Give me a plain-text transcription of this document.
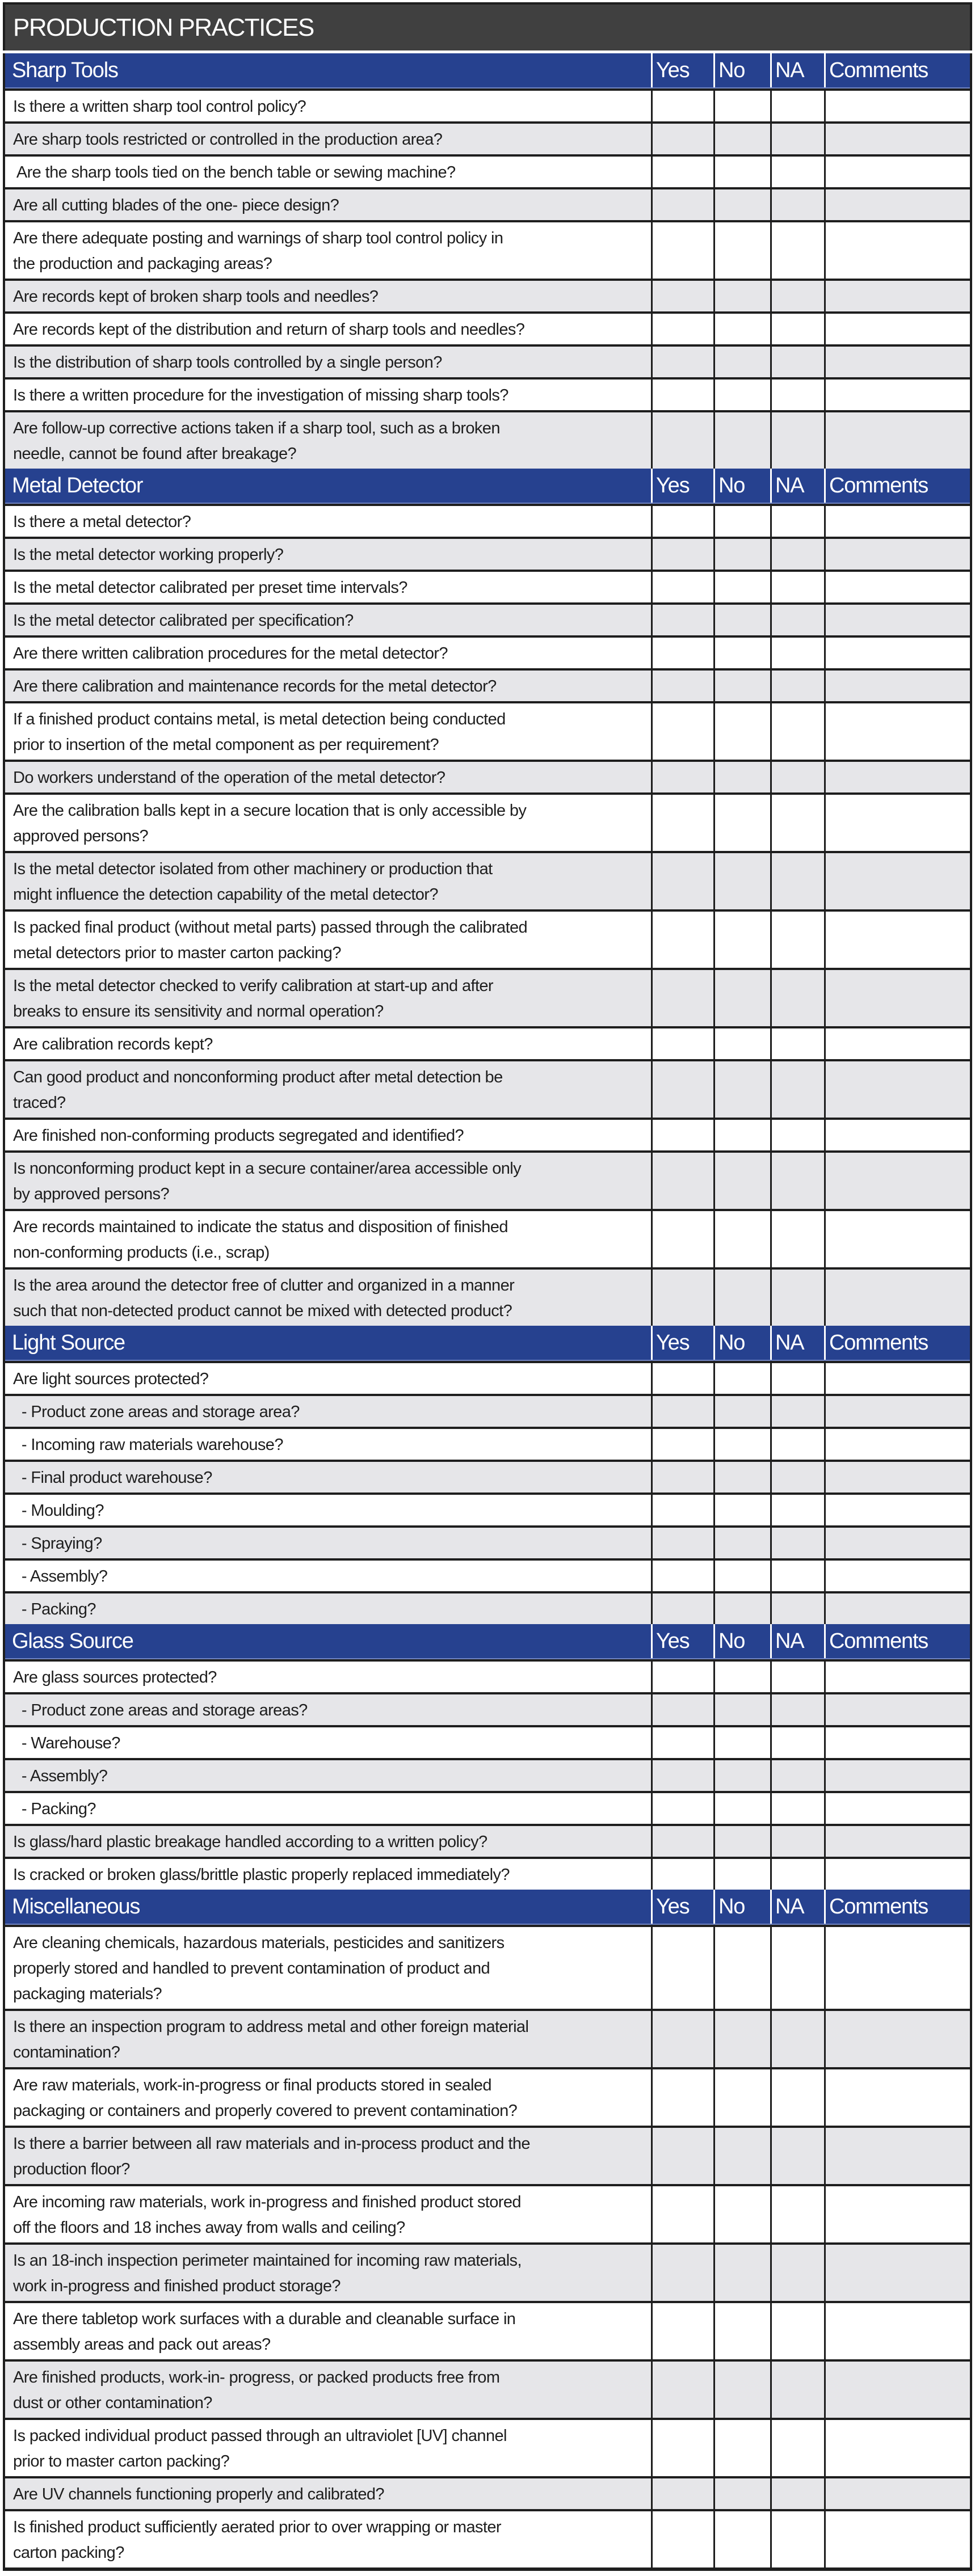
PRODUCTION PRACTICES
Sharp Tools	Yes	No	NA	Comments
Is there a written sharp tool control policy?
Are sharp tools restricted or controlled in the production area?
Are the sharp tools tied on the bench table or sewing machine?
Are all cutting blades of the one- piece design?
Are there adequate posting and warnings of sharp tool control policy in
the production and packaging areas?
Are records kept of broken sharp tools and needles?
Are records kept of the distribution and return of sharp tools and needles?
Is the distribution of sharp tools controlled by a single person?
Is there a written procedure for the investigation of missing sharp tools?
Are follow-up corrective actions taken if a sharp tool, such as a broken
needle, cannot be found after breakage?
Metal Detector	Yes	No	NA	Comments
Is there a metal detector?
Is the metal detector working properly?
Is the metal detector calibrated per preset time intervals?
Is the metal detector calibrated per specification?
Are there written calibration procedures for the metal detector?
Are there calibration and maintenance records for the metal detector?
If a finished product contains metal, is metal detection being conducted
prior to insertion of the metal component as per requirement?
Do workers understand of the operation of the metal detector?
Are the calibration balls kept in a secure location that is only accessible by
approved persons?
Is the metal detector isolated from other machinery or production that
might influence the detection capability of the metal detector?
Is packed final product (without metal parts) passed through the calibrated
metal detectors prior to master carton packing?
Is the metal detector checked to verify calibration at start-up and after
breaks to ensure its sensitivity and normal operation?
Are calibration records kept?
Can good product and nonconforming product after metal detection be
traced?
Are finished non-conforming products segregated and identified?
Is nonconforming product kept in a secure container/area accessible only
by approved persons?
Are records maintained to indicate the status and disposition of finished
non-conforming products (i.e., scrap)
Is the area around the detector free of clutter and organized in a manner
such that non-detected product cannot be mixed with detected product?
Light Source	Yes	No	NA	Comments
Are light sources protected?
- Product zone areas and storage area?
- Incoming raw materials warehouse?
- Final product warehouse?
- Moulding?
- Spraying?
- Assembly?
- Packing?
Glass Source	Yes	No	NA	Comments
Are glass sources protected?
- Product zone areas and storage areas?
- Warehouse?
- Assembly?
- Packing?
Is glass/hard plastic breakage handled according to a written policy?
Is cracked or broken glass/brittle plastic properly replaced immediately?
Miscellaneous	Yes	No	NA	Comments
Are cleaning chemicals, hazardous materials, pesticides and sanitizers
properly stored and handled to prevent contamination of product and
packaging materials?
Is there an inspection program to address metal and other foreign material
contamination?
Are raw materials, work-in-progress or final products stored in sealed
packaging or containers and properly covered to prevent contamination?
Is there a barrier between all raw materials and in-process product and the
production floor?
Are incoming raw materials, work in-progress and finished product stored
off the floors and 18 inches away from walls and ceiling?
Is an 18-inch inspection perimeter maintained for incoming raw materials,
work in-progress and finished product storage?
Are there tabletop work surfaces with a durable and cleanable surface in
assembly areas and pack out areas?
Are finished products, work-in- progress, or packed products free from
dust or other contamination?
Is packed individual product passed through an ultraviolet [UV] channel
prior to master carton packing?
Are UV channels functioning properly and calibrated?
Is finished product sufficiently aerated prior to over wrapping or master
carton packing?
